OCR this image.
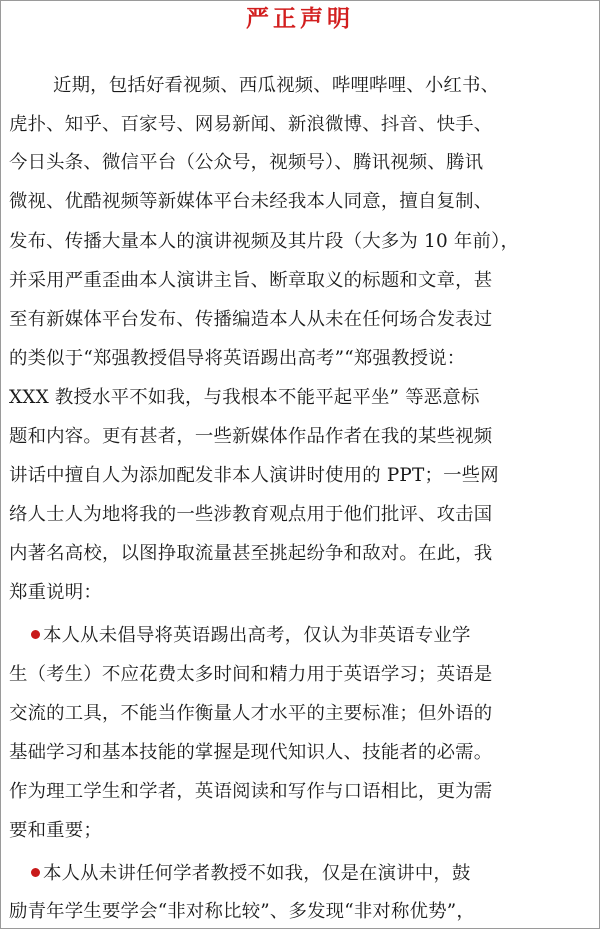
严正声明
近期，包括好看视频、西瓜视频、哔哩哔哩、小红书、
虎扑、知乎、百家号、网易新闻、新浪微博、抖音、快手、
今日头条、微信平台（公众号，视频号）、腾讯视频、腾讯
微视、优酷视频等新媒体平台未经我本人同意，擅自复制、
发布、传播大量本人的演讲视频及其片段（大多为 10 年前），
并采用严重歪曲本人演讲主旨、断章取义的标题和文章，甚
至有新媒体平台发布、传播编造本人从未在任何场合发表过
的类似于“郑强教授倡导将英语踢出高考”“郑强教授说：
XXX 教授水平不如我，与我根本不能平起平坐” 等恶意标
题和内容。更有甚者，一些新媒体作品作者在我的某些视频
讲话中擅自人为添加配发非本人演讲时使用的 PPT；一些网
络人士人为地将我的一些涉教育观点用于他们批评、攻击国
内著名高校，以图挣取流量甚至挑起纷争和敌对。在此，我
郑重说明：
本人从未倡导将英语踢出高考，仅认为非英语专业学
生（考生）不应花费太多时间和精力用于英语学习；英语是
交流的工具，不能当作衡量人才水平的主要标准；但外语的
基础学习和基本技能的掌握是现代知识人、技能者的必需。
作为理工学生和学者，英语阅读和写作与口语相比，更为需
要和重要；
本人从未讲任何学者教授不如我，仅是在演讲中，鼓
励青年学生要学会“非对称比较”、多发现“非对称优势”，
